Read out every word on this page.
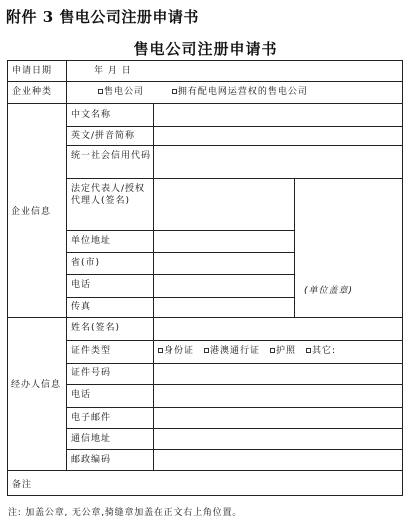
附件 3 售电公司注册申请书
售电公司注册申请书
申请日期	年 月 日
企业种类	售电公司	拥有配电网运营权的售电公司
企业信息
中文名称
英文/拼音简称
统一社会信用代码
法定代表人/授权代理人(签名)
单位地址
省(市)
电话
传真
(单位盖章)
经办人信息
姓名(签名)
证件类型	身份证 港澳通行证 护照 其它:
证件号码
电话
电子邮件
通信地址
邮政编码
备注
注: 加盖公章, 无公章,骑缝章加盖在正文右上角位置。
